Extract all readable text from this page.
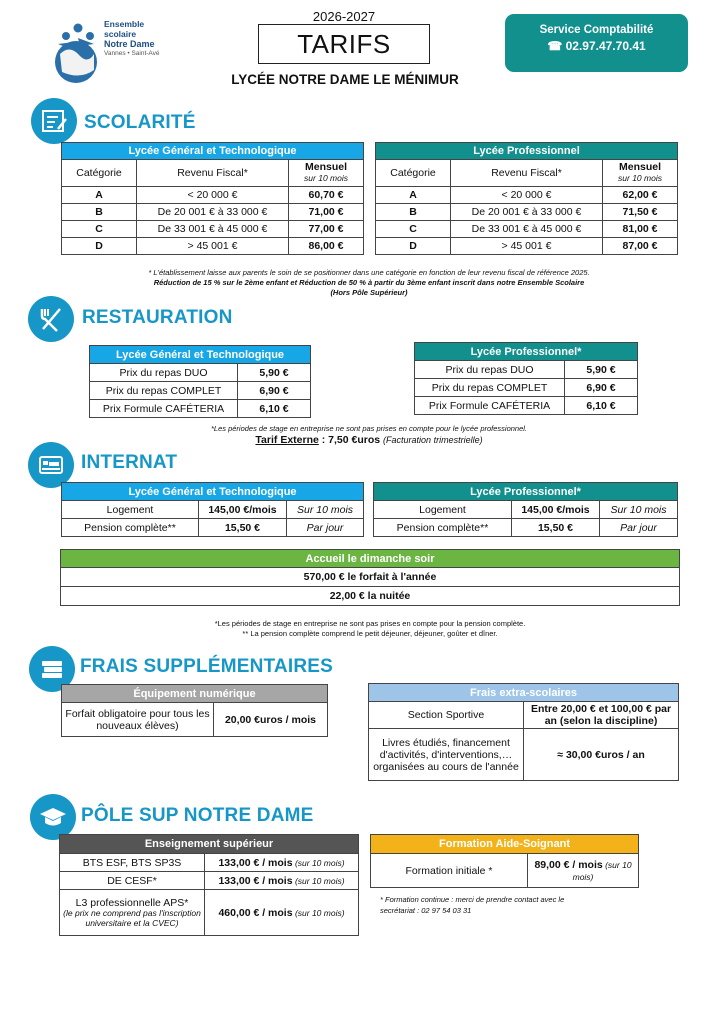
Ensemble scolaire
Notre Dame
Vannes • Saint-Avé
2026-2027
TARIFS
LYCÉE NOTRE DAME LE MÉNIMUR
Service Comptabilité
☎ 02.97.47.70.41
SCOLARITÉ
Lycée Général et Technologique		
Catégorie	Revenu Fiscal*	Mensuel
sur 10 mois
A	< 20 000 €	60,70 €
B	De 20 001 € à 33 000 €	71,00 €
C	De 33 001 € à 45 000 €	77,00 €
D	> 45 001 €	86,00 €
Lycée Professionnel		
Catégorie	Revenu Fiscal*	Mensuel
sur 10 mois
A	< 20 000 €	62,00 €
B	De 20 001 € à 33 000 €	71,50 €
C	De 33 001 € à 45 000 €	81,00 €
D	> 45 001 €	87,00 €
* L'établissement laisse aux parents le soin de se positionner dans une catégorie en fonction de leur revenu fiscal de référence 2025.
Réduction de 15 % sur le 2ème enfant et Réduction de 50 % à partir du 3ème enfant inscrit dans notre Ensemble Scolaire
(Hors Pôle Supérieur)
RESTAURATION
Lycée Général et Technologique	
Prix du repas DUO	5,90 €
Prix du repas COMPLET	6,90 €
Prix Formule CAFÉTERIA	6,10 €
Lycée Professionnel*	
Prix du repas DUO	5,90 €
Prix du repas COMPLET	6,90 €
Prix Formule CAFÉTERIA	6,10 €
*Les périodes de stage en entreprise ne sont pas prises en compte pour le lycée professionnel.
Tarif Externe : 7,50 €uros (Facturation trimestrielle)
INTERNAT
Lycée Général et Technologique		
Logement	145,00 €/mois	Sur 10 mois
Pension complète**	15,50 €	Par jour
Lycée Professionnel*		
Logement	145,00 €/mois	Sur 10 mois
Pension complète**	15,50 €	Par jour
Accueil le dimanche soir
570,00 € le forfait à l'année
22,00 € la nuitée
*Les périodes de stage en entreprise ne sont pas prises en compte pour la pension complète.
** La pension complète comprend le petit déjeuner, déjeuner, goûter et dîner.
FRAIS SUPPLÉMENTAIRES
Équipement numérique
Forfait obligatoire pour tous les nouveaux élèves)	20,00 €uros / mois
Frais extra-scolaires	
Section Sportive	Entre 20,00 € et 100,00 € par an (selon la discipline)
Livres étudiés, financement d'activités, d'interventions,… organisées au cours de l'année	≈ 30,00 €uros / an
PÔLE SUP NOTRE DAME
Enseignement supérieur	
BTS ESF, BTS SP3S	133,00 € / mois (sur 10 mois)
DE CESF*	133,00 € / mois (sur 10 mois)
L3 professionnelle APS*
(le prix ne comprend pas l'inscription universitaire et la CVEC)	460,00 € / mois (sur 10 mois)
Formation Aide-Soignant
Formation initiale *	89,00 € / mois (sur 10 mois)
* Formation continue : merci de prendre contact avec le secrétariat : 02 97 54 03 31
